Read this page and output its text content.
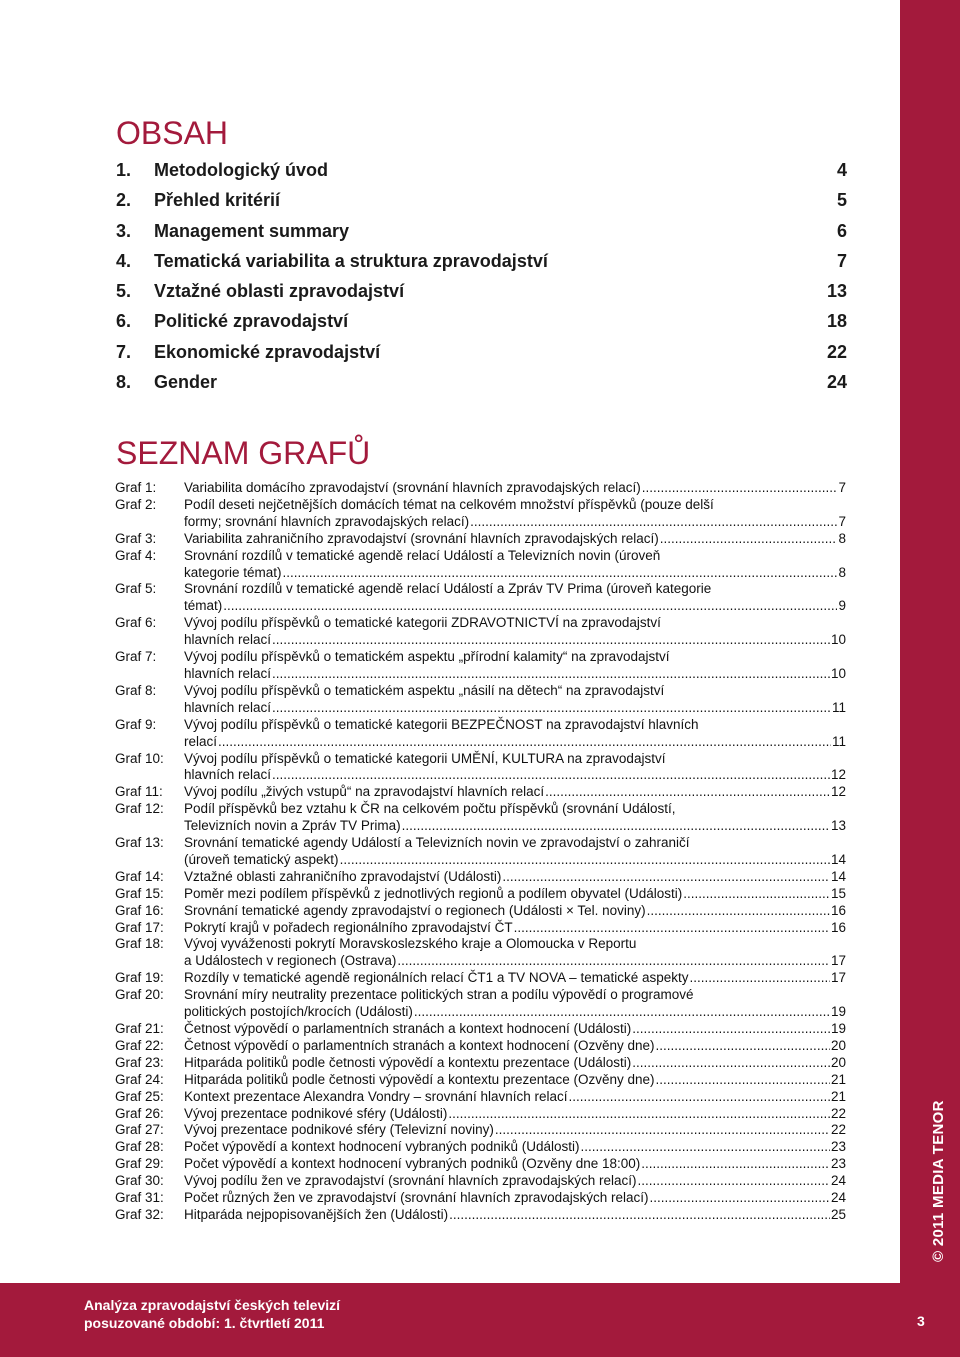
OBSAH
1. Metodologický úvod	4
2. Přehled kritérií	5
3. Management summary	6
4. Tematická variabilita a struktura zpravodajství	7
5. Vztažné oblasti zpravodajství	13
6. Politické zpravodajství	18
7. Ekonomické zpravodajství	22
8. Gender	24
SEZNAM GRAFŮ
Graf 1: Variabilita domácího zpravodajství (srovnání hlavních zpravodajských relací) .....	7
Graf 2: Podíl deseti nejčetnějších domácích témat na celkovém množství příspěvků (pouze delší
formy; srovnání hlavních zpravodajských relací) .....	7
Graf 3: Variabilita zahraničního zpravodajství (srovnání hlavních zpravodajských relací) .....	8
Graf 4: Srovnání rozdílů v tematické agendě relací Událostí a Televizních novin (úroveň
kategorie témat) .....	8
Graf 5: Srovnání rozdílů v tematické agendě relací Událostí a Zpráv TV Prima (úroveň kategorie
témat) .....	9
Graf 6: Vývoj podílu příspěvků o tematické kategorii ZDRAVOTNICTVÍ na zpravodajství
hlavních relací .....	10
Graf 7: Vývoj podílu příspěvků o tematickém aspektu „přírodní kalamity“ na zpravodajství
hlavních relací .....	10
Graf 8: Vývoj podílu příspěvků o tematickém aspektu „násilí na dětech“ na zpravodajství
hlavních relací .....	11
Graf 9: Vývoj podílu příspěvků o tematické kategorii BEZPEČNOST na zpravodajství hlavních
relací .....	11
Graf 10: Vývoj podílu příspěvků o tematické kategorii UMĚNÍ, KULTURA na zpravodajství
hlavních relací .....	12
Graf 11: Vývoj podílu „živých vstupů“ na zpravodajství hlavních relací .....	12
Graf 12: Podíl příspěvků bez vztahu k ČR na celkovém počtu příspěvků (srovnání Událostí,
Televizních novin a Zpráv TV Prima) .....	13
Graf 13: Srovnání tematické agendy Událostí a Televizních novin ve zpravodajství o zahraničí
(úroveň tematický aspekt) .....	14
Graf 14: Vztažné oblasti zahraničního zpravodajství (Události) .....	14
Graf 15: Poměr mezi podílem příspěvků z jednotlivých regionů a podílem obyvatel (Události) .....	15
Graf 16: Srovnání tematické agendy zpravodajství o regionech (Události × Tel. noviny) .....	16
Graf 17: Pokrytí krajů v pořadech regionálního zpravodajství ČT .....	16
Graf 18: Vývoj vyváženosti pokrytí Moravskoslezského kraje a Olomoucka v Reportu
a Událostech v regionech (Ostrava) .....	17
Graf 19: Rozdíly v tematické agendě regionálních relací ČT1 a TV NOVA – tematické aspekty .....	17
Graf 20: Srovnání míry neutrality prezentace politických stran a podílu výpovědí o programové
politických postojích/krocích (Události) .....	19
Graf 21: Četnost výpovědí o parlamentních stranách a kontext hodnocení (Události) .....	19
Graf 22: Četnost výpovědí o parlamentních stranách a kontext hodnocení (Ozvěny dne) .....	20
Graf 23: Hitparáda politiků podle četnosti výpovědí a kontextu prezentace (Události) .....	20
Graf 24: Hitparáda politiků podle četnosti výpovědí a kontextu prezentace (Ozvěny dne) .....	21
Graf 25: Kontext prezentace Alexandra Vondry – srovnání hlavních relací .....	21
Graf 26: Vývoj prezentace podnikové sféry (Události) .....	22
Graf 27: Vývoj prezentace podnikové sféry (Televizní noviny) .....	22
Graf 28: Počet výpovědí a kontext hodnocení vybraných podniků (Události) .....	23
Graf 29: Počet výpovědí a kontext hodnocení vybraných podniků (Ozvěny dne 18:00) .....	23
Graf 30: Vývoj podílu žen ve zpravodajství (srovnání hlavních zpravodajských relací) .....	24
Graf 31: Počet různých žen ve zpravodajství (srovnání hlavních zpravodajských relací) .....	24
Graf 32: Hitparáda nejpopisovanějších žen (Události) .....	25	© 2011 MEDIA TENOR
Analýza zpravodajství českých televizí
posuzované období: 1. čtvrtletí 2011	3
